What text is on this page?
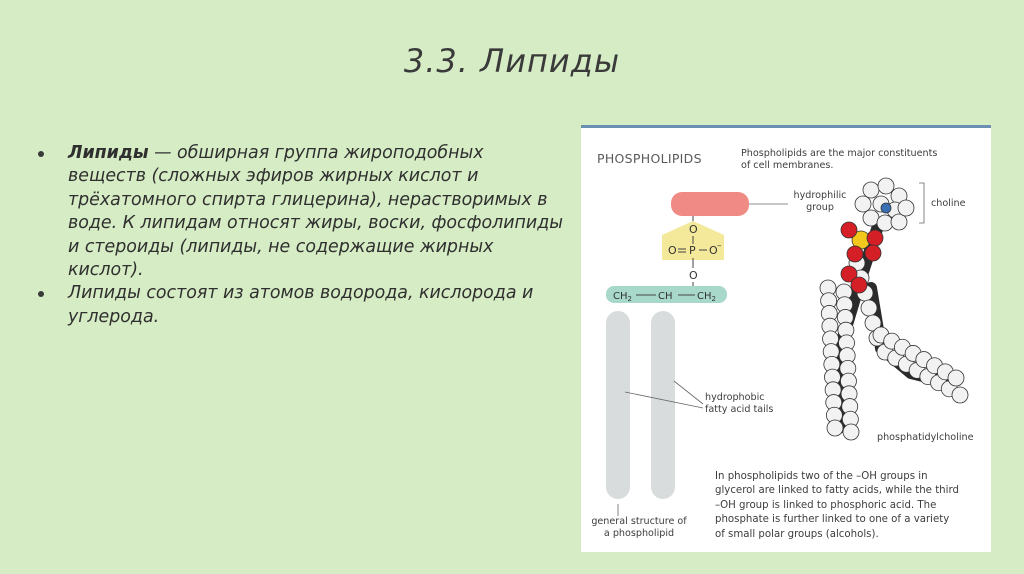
3.3. Липиды
Липиды — обширная группа жироподобных веществ (сложных эфиров жирных кислот и трёхатомного спирта глицерина), нерастворимых в воде. К липидам относят жиры, воски, фосфолипиды и стероиды (липиды, не содержащие жирных кислот).
Липиды состоят из атомов водорода, кислорода и углерода.
O
O P O –
O
$CH_2$	CH $CH_2$
PHOSPHOLIPIDS	Phospholipids are the major constituents
of cell membranes.
hydrophilic
group	choline
hydrophobic
fatty acid tails
phosphatidylcholine
general structure of
a phospholipid
In phospholipids two of the –OH groups in
glycerol are linked to fatty acids, while the third
–OH group is linked to phosphoric acid. The
phosphate is further linked to one of a variety
of small polar groups (alcohols).
